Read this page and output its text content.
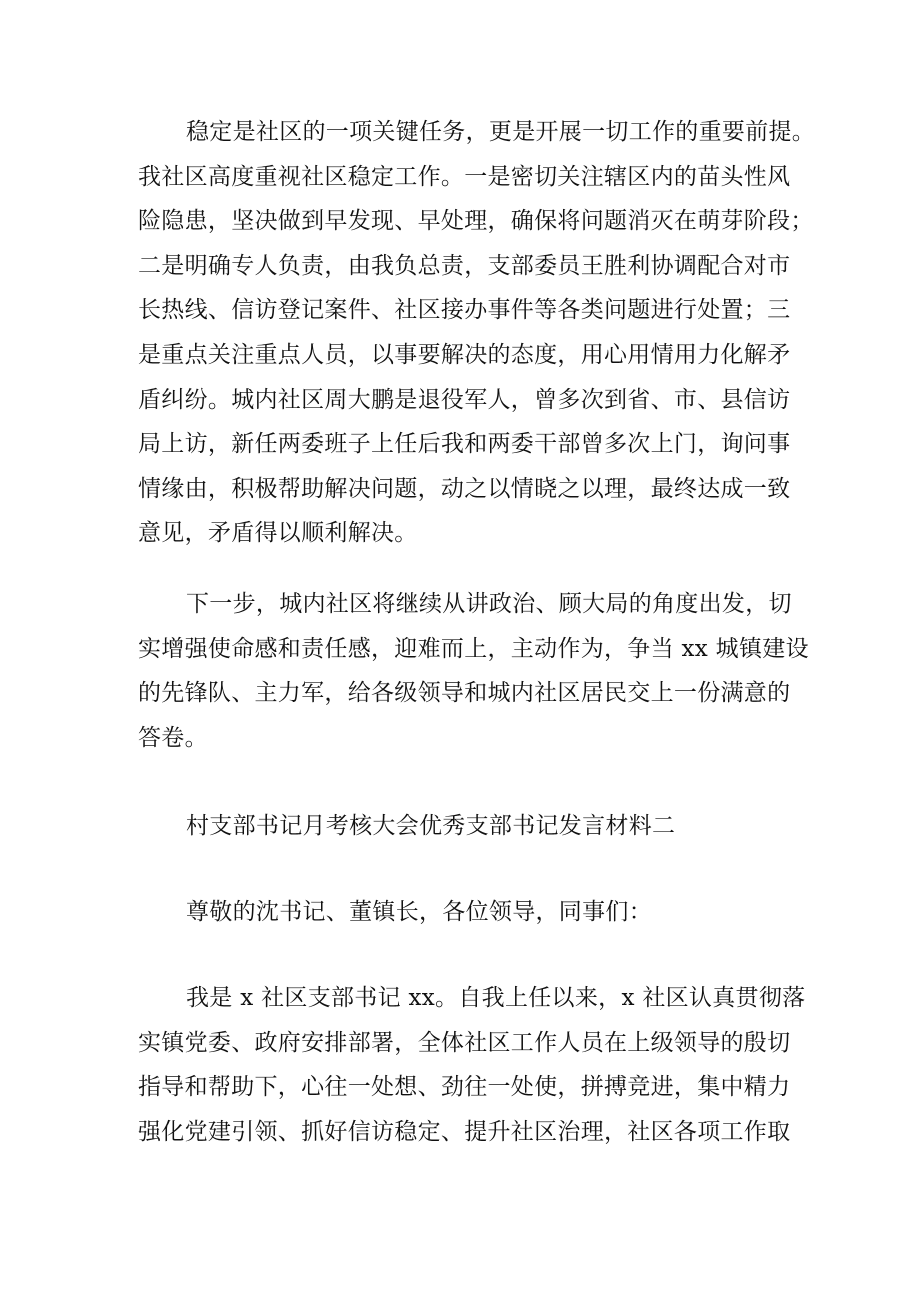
稳定是社区的一项关键任务，更是开展一切工作的重要前提。
我社区高度重视社区稳定工作。一是密切关注辖区内的苗头性风
险隐患，坚决做到早发现、早处理，确保将问题消灭在萌芽阶段；
二是明确专人负责，由我负总责，支部委员王胜利协调配合对市
长热线、信访登记案件、社区接办事件等各类问题进行处置；三
是重点关注重点人员，以事要解决的态度，用心用情用力化解矛
盾纠纷。城内社区周大鹏是退役军人，曾多次到省、市、县信访
局上访，新任两委班子上任后我和两委干部曾多次上门，询问事
情缘由，积极帮助解决问题，动之以情晓之以理，最终达成一致
意见，矛盾得以顺利解决。

下一步，城内社区将继续从讲政治、顾大局的角度出发，切
实增强使命感和责任感，迎难而上，主动作为，争当 xx 城镇建设
的先锋队、主力军，给各级领导和城内社区居民交上一份满意的
答卷。

村支部书记月考核大会优秀支部书记发言材料二

尊敬的沈书记、董镇长，各位领导，同事们：

我是 x 社区支部书记 xx。自我上任以来，x 社区认真贯彻落
实镇党委、政府安排部署，全体社区工作人员在上级领导的殷切
指导和帮助下，心往一处想、劲往一处使，拼搏竞进，集中精力
强化党建引领、抓好信访稳定、提升社区治理，社区各项工作取
